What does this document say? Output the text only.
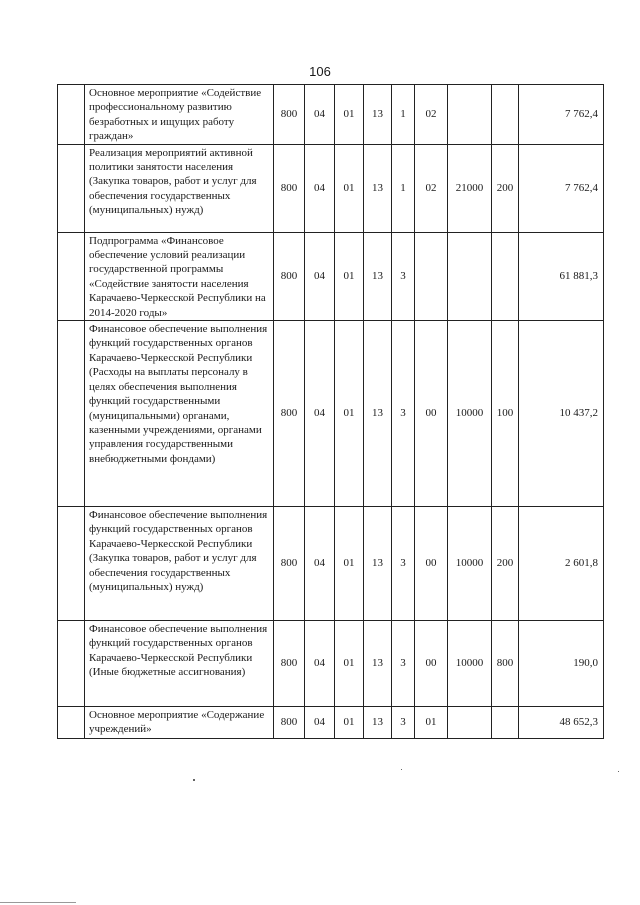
106
	Основное мероприятие «Содействие профессиональному развитию безработных и ищущих работу граждан»	800	04	01	13	1	02			7 762,4
	Реализация мероприятий активной политики занятости населения (Закупка товаров, работ и услуг для обеспечения государственных (муниципальных) нужд)	800	04	01	13	1	02	21000	200	7 762,4
	Подпрограмма «Финансовое обеспечение условий реализации государственной программы «Содействие занятости населения Карачаево-Черкесской Республики на 2014-2020 годы»	800	04	01	13	3				61 881,3
	Финансовое обеспечение выполнения функций государственных органов Карачаево-Черкесской Республики (Расходы на выплаты персоналу в целях обеспечения выполнения функций государственными (муниципальными) органами, казенными учреждениями, органами управления государственными внебюджетными фондами)	800	04	01	13	3	00	10000	100	10 437,2
	Финансовое обеспечение выполнения функций государственных органов Карачаево-Черкесской Республики (Закупка товаров, работ и услуг для обеспечения государственных (муниципальных) нужд)	800	04	01	13	3	00	10000	200	2 601,8
	Финансовое обеспечение выполнения функций государственных органов Карачаево-Черкесской Республики (Иные бюджетные ассигнования)	800	04	01	13	3	00	10000	800	190,0
	Основное мероприятие «Содержание учреждений»	800	04	01	13	3	01			48 652,3
